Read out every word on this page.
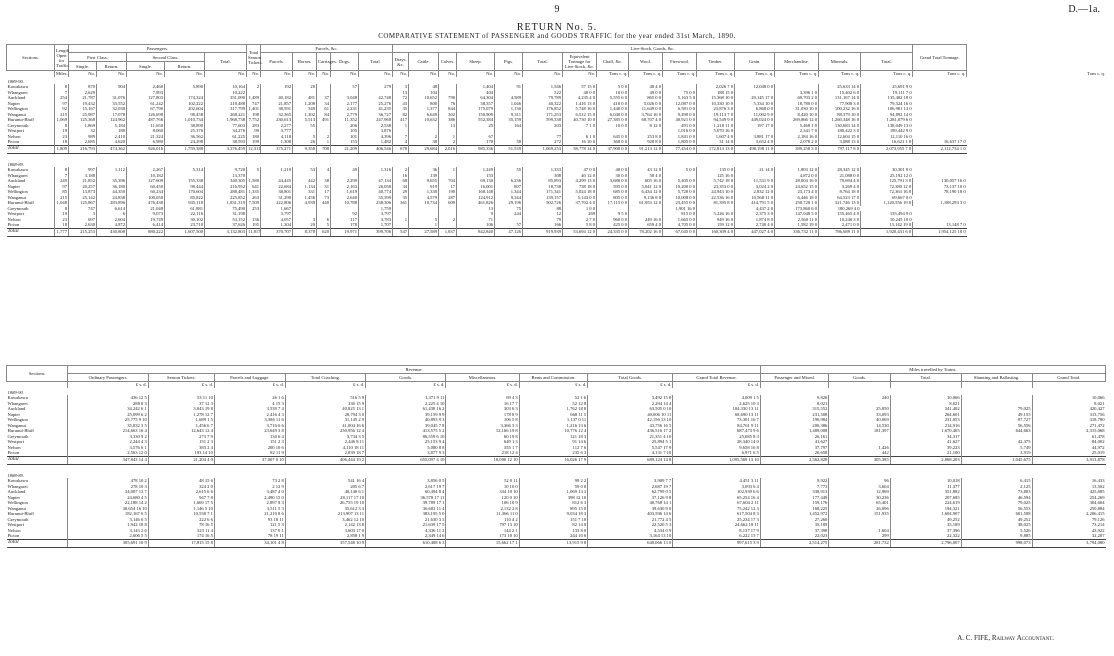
9	D.—1a.
RETURN No. 5.
COMPARATIVE STATEMENT of PASSENGER and GOODS TRAFFIC for the year ended 31st March, 1890.
Sections.	Length Open for Traffic.	Passengers.					Total Season Tickets.	Parcels, &c.					Live-Stock, Goods, &c.															Grand Total Tonnage.	
		First Class.		Second Class.		Total.		Parcels.	Horses.	Carriages.	Dogs.	Total.	Drays, &c.	Cattle.	Calves.	Sheep.	Pigs.	Total.	Equivalent Tonnage for Live-Stock, &c.	Chaff, &c.	Wool.	Firewood.	Timber.	Grain.	Merchandise.	Minerals.	Total.		
		Single.	Return.	Single.	Return.																								
	Miles.	No.	No.	No.	No.	No.	No.	No.	No.	No.	No.	No.	No.	No.	No.	No.	No.	No.	No.	Tons c. q.	Tons c. q.	Tons c. q.	Tons c. q.	Tons c. q.	Tons c. q.	Tons c. q.	Tons c. q.	Tons c. q.	Tons c. q.
1889-90.																													
Kawakawa	8	870	904	2,460	5,890	10,164	2	192	20		57	279	3	48		1,404	91	1,546	57 15 0	5 0 0	48 4 0		2,026 7 0	12,048 0 0		25,633 14 0	25,691 9 0		
Whangarei	7	2,629		7,893		10,222							13	104		404		522	40 0 0	10 0 0	49 0 0	75 0 0	188 15 0		3,396 1 0	15,402 6 0	19,111 7 0		
Auckland	254	21,787	31,076	127,803	174,324	351,090	1,489	40,182	481	37	3,048	42,748	72	10,652	790	64,304	4,589	79,789	4,235 4 0	5,555 6 0	865 0 0	5,163 5 0	15,368 10 0	29,145 17 0	69,703 2 0	131,167 14 0	135,402 18 0		
Napier	97	19,432	33,552	61,242	102,222	218,488	747	21,857	1,208	34	2,177	25,276	43	800	76	38,357	1,046	40,322	1,416 13 0	410 0 0	5,026 0 0	12,087 0 0	10,330 10 0	5,334 10 0	18,780 0 0	77,908 3 0	79,324 16 0		
Wellington	92	15,167	32,038	67,790	202,604	317,799	1,401	38,591	349	61	2,231	41,235	35	1,377	844	175,079	1,130	176,852	5,748 16 0	1,440 0 0	11,649 0 0	6,581 0 0	23,876 3 0	6,868 0 0	31,030 10 0	100,232 16 0	106,981 13 0		
Wanganui	215	25,987	17,078	126,698	98,458	268,221	198	32,365	1,302	84	2,779	36,727	82	6,649	302	150,909	9,311	171,253	6,512 15 0	6,040 0 0	3,764 16 0	9,490 0 0	19,113 7 0	11,002 9 0	8,420 10 0	88,379 10 0	94,892 14 0		
Hurunui-Bluff	1,069	125,368	124,962	487,766	1,010,734	1,968,738	7,752	230,613	5,513	491	11,352	247,968	417	10,632	386	552,384	35,159	599,338	40,730 10 0	27,385 0 0	68,707 4 0	40,921 0 0	94,549 9 0	449,024 0 0	269,866 12 0	1,260,348 16 0	1,281,079 6 0		
Greymouth	8	1,869	5,184	11,650	38,890	77,603	283	2,277	55		206	2,538	1		13	25	164	203	7 1 0	10 0 0	8 12 0	491 0 0	1,218 11 0	197 17 0	5,468 1 0	130,683 14 0	138,049 13 0		
Westport	19	32	188	8,060	25,376	34,276	99	3,777			105	3,876										1,016 0 0	5,070 16 0		2,341 7 0	180,422 3 0	189,442 9 0		
Nelson	23	989	2,410	21,324	36,562	61,225	180	4,118	5	2	101	4,396	7	2	1	67		77	6 1 0	645 0 0	253 8 0	1,841 0 0	1,607 4 0	3,881 17 0	2,184 16 0	12,604 15 0	12,110 16 0		
Picton	18	2,685	4,620	6,980	24,298	38,593	199	1,308	26	1	153	1,482	4	38	2	170	58	272	16 10 0	360 0 0	928 8 0	1,805 0 0	31 14 0	3,652 4 0	2,078 2 0	3,088 13 0	16,621 1 0	16,637 17 0	
Total	1,809	216,793	474,362	926,016	1,759,388	3,376,459	12,311	375,271	9,358	708	21,209	406,546	678	29,684	2,016	985,336	51,539	1,069,253	58,778 14 0	37,900 0 0	91,213 12 0	77,454 0 0	172,813 13 0	498,198 11 0	399,258 3 0	797,117 8 0	2,073,955 7 0	2,112,734 1 0	

1888-89.																													
Kawakawa	8	997	1,112	2,267	5,314	9,720	5	1,210	53	4	49	1,316	2	36	1	1,249	55	1,333	47 0 0	40 0 0	43 12 0	5 0 0	135 0 0	21 14 0	1,803 12 0	28,345 12 0	30,301 9 0		
Whangarei	7	3,188		10,182		13,370							16	139		153		308	40 12 0	30 0 0	58 4 0		125 16 0		4,872 0 0	21,088 0 0	25,192 12 0		
Auckland	249	21,852	35,396	127,609	155,338	340,305	1,580	44,445	442	38	2,299	47,134	68	9,655	704	69,130	6,236	85,893	4,299 13 0	3,680 0 0	605 16 0	5,405 0 0	5,742 18 0	11,531 9 0	28,004 16 0	70,694 4 0	125,791 3 0	130,057 16 0	
Napier	97	20,257	36,180	60,450	98,444	216,952	641	22,684	1,134	31	2,163	26,058	34	919	17	16,001	807	18,738	738 18 0	595 0 0	5,041 12 0	10,200 0 0	23,353 0 0	3,024 2 0	24,652 15 0	3,269 4 0	72,380 12 0	73,137 10 0	
Wellington	85	13,873	44,350	60,234	170,604	288,481	1,335	38,801	331	17	1,619	40,774	29	1,330	190	168,148	1,344	171,341	5,024 18 0	685 0 0	6,434 12 0	5,720 0 0	24,943 10 0	2,832 12 0	23,173 4 0	8,764 18 0	72,363 16 0	78,190 18 0	
Wanganui	215	25,142	24,838	100,050	85,822	225,852	263	31,290	1,456	73	2,640	35,399	35	4,579	287	124,912	9,344	139,157	5,143 0 0	805 0 0	9,136 8 0	10,008 0 0	22,536 16 0	10,568 11 0	6,446 18 0	64,523 17 0	69,667 0 0		
Hurunui-Bluff	1,048	125,867	283,896	476,438	945,118	1,831,319	7,509	222,806	4,939	440	10,788	238,306	361	10,734	609	461,826	29,196	502,726	37,702 4 0	17,115 0 0	61,053 12 0	23,455 0 0	81,395 8 0	414,791 5 0	250,720 1 0	321,746 13 0	1,120,556 19 0	1,188,293 3 0	
Greymouth	8	747	6,614	21,048	61,881	75,490	253	1,667				1,759				13	75	88	1 0 0			1,901 16 0		4,437 2 0	173,860 6 0	180,269 4 0			
Westport	19	3	6	9,073	22,116	31,198		3,797			92	3,797				9	244	12	269	9 5 0		815 0 0	5,226 16 0	2,375 3 0	147,048 5 0	155,465 4 0	155,494 9 0		
Nelson	23	697	2,604	19,749	30,102	53,152	136	4,057	3	6	117	3,783	1	5	2	71		79	2 7 0	960 0 0	249 16 0	1,665 0 0	949 16 0	1,874 8 0	2,560 11 0	10,240 3 0	10,245 10 0		
Picton	18	2,630	4,872	6,414	23,710	37,626	195	1,304	20	5	178	1,707		1		106	57	166	5 8 0	425 0 0	659 4 0	4,705 0 0	159 12 0	2,740 4 0	1,582 19 0	2,471 0 0	13,142 19 0	13,148 7 0	
Total	1,777	215,253	430,808	880,222	1,607,500	3,132,803	11,817	370,707	8,378	620	19,971	399,706	547	27,589	1,837	842,840	47,126	919,939	53,694 12 0	24,335 0 0	78,202 16 0	67,045 0 0	160,309 4 0	447,027 4 0	336,732 11 0	786,689 11 0	1,920,431 6 0	1,954,125 18 0	
Sections.	Revenue.									Miles travelled by Trains.				
	Ordinary Passengers.	Season Tickets.	Parcels and Luggage.	Total Coaching.	Goods.	Miscellaneous.	Rents and Commission.	Total Goods.	Grand Total Revenue.	Passenger and Mixed.	Goods.	Total.	Shunting and Ballasting.	Grand Total.
	£ s. d.	£ s. d.	£ s. d.	£ s. d.	£ s. d.	£ s. d.	£ s. d.	£ s. d.	£ s. d.					
1889-90.														
Kawakawa	436 12 5	53 11 10	26 1 6	516 5 9	3,371 9 11	69 4 3	52 1 6	3,492 15 8	4,009 1 5	9,826	240	10,066		10,066
Whangarei	288 8 3	37 12 3	4 15 3	330 15 9	2,225 4 10	16 17 7	52 12 8	2,294 14 4	2,625 10 3	8,021		8,021		8,021
Auckland	34,242 6 1	3,043 19 8	3,539 7 4	40,825 13 1	61,438 16 2	303 6 3	1,762 18 8	63,505 0 10	104,330 13 11	315,552	25,850	341,402	79,025	420,427
Napier	25,099 6 2	1,278 12 7	2,416 4 3	28,794 3 0	39,159 9 9	178 8 9	668 11 5	40,006 10 11	68,690 13 11	231,508	33,093	264,601	49,155	313,756
Wellington	25,775 9 10	1,689 1 5	3,386 11 6	31,145 2 9	40,893 9 3	106 5 8	1,137 0 11	42,156 13 10	73,301 16 7	190,984	40,069	231,053	87,727	318,780
Wanganui	35,832 3 5	1,456 6 7	3,716 6 6	41,004 16 6	39,045 7 8	3,366 3 3	1,216 13 6	43,756 16 5	84,761 9 11	200,386	14,530	214,916	56,556	271,472
Hurunui-Bluff	214,663 16 4	12,643 12 4	23,649 3 8	250,956 12 4	413,575 5 2	12,166 19 8	10,776 12 4	436,516 17 2	687,473 9 6	1,489,008	181,397	1,670,405	644,663	2,315,068
Greymouth	3,330 9 2	273 7 9	130 6 4	3,734 3 5	86,559 6 10	60 19 8	121 18 3	21,351 4 10	25,085 8 3	26,161		34,317		61,478
Westport	2,244 4 3	151 2 3	151 2 3	2,446 8 11	25,153 9 4	649 1 3	91 14 6	25,894 5 1	28,340 14 0	41,627		41,627	42,375	84,002
Nelson	3,576 6 1	383 2 4	200 10 6	4,110 18 11	5,080 8 8	355 1 7	112 7 6	5,547 17 9	9,658 16 8	37,797	1,426	39,223	5,749	44,972
Picton	2,563 12 0	193 14 10	82 11 9	2,839 18 7	3,877 9 3	218 12 4	235 6 3	4,131 7 10	6,971 6 5	20,658	442	21,100	3,919	25,019
Total	347,843 14 4	21,204 4 0	37,007 0 10	406,444 19 2	655,097 4 10	18,090 12 10	16,026 17 9	689,124 14 8	1,095,569 13 10	2,562,828	305,385	2,868,203	1,045,675	3,913,878

1888-89.														
Kawakawa	478 10 2	48 15 6	73 2 8	541 16 4	3,856 0 5	52 0 11	99 2 2	3,909 7 7	4,451 3 11	9,922	96	10,018	6,415	16,433
Whangarei	278 10 3	324 2 0	2 12 9	205 6 7	2,617 19 7	10 10 0	59 0 0	2,687 19 7	3,093 6 4	7,773	3,604	11,377	2,125	13,502
Auckland	34,007 13 7	2,615 6 6	3,487 4 0	40,140 6 1	60,494 8 4	334 18 10	1,069 13 3	62,799 0 5	102,939 6 6	338,913	12,969	351,882	73,803	425,685
Napier	24,680 4 5	947 7 8	2,490 15 0	28,117 17 10	36,578 17 11	120 0 10	398 12 10	37,126 9 8	65,254 16 4	177,449	30,236	207,685	46,594	254,269
Wellington	22,188 14 2	1,669 17 5	2,897 8 3	26,755 19 10	39,789 17 1	106 10 9	812 6 3	40,768 14 1	67,604 2 11	159,176	65,401	224,619	79,025	304,604
Wanganui	30,654 16 10	1,146 5 10	3,511 5 3	35,612 3 3	36,602 11 4	2,132 2 8	895 15 0	39,630 9 0	75,242 12 3	168,225	26,096	194,321	56,553	250,884
Hurunui-Bluff	182,167 6 5	10,530 7 1	21,210 8 6	213,907 13 11	383,195 5 0	11,366 11 0	9,034 18 3	403,596 14 6	617,504 8 3	1,452,972	151,935	1,604,907	601,508	2,206,415
Greymouth	3,146 6 5	222 6 6	93 18 11	3,462 12 10	21,630 3 3	110 4 2	151 7 10	21,772 4 5	25,234 17 3	27,260		49,252	49,252	79,126
Westport	1,942 18 8	78 16 5	121 5 3	2,142 13 8	21,639 17 5	797 13 10	82 14 0	22,520 5 3	24,662 18 11	35,189		35,189	38,025	73,214
Nelson	3,143 2 6	323 11 4	137 0 1	3,603 17 0	4,336 11 2	144 2 1	133 8 0	4,534 0 9	8,137 17 9	37,398	1,604	37,396	5,526	43,922
Picton	2,606 5 5	174 16 5	78 19 11	2,858 1 9	2,349 14 6	173 18 10	244 10 6	3,164 13 10	6,222 15 7	22,023	299	22,322	9,885	32,207
Total	305,691 10 9	17,815 15 8	34,101 4 8	357,548 10 9	610,488 6 3	15,662 17 1	13,915 9 8	640,066 13 0	997,615 3 9	2,514,275	281,732	2,796,007	998,073	3,794,080
A. C. FIFE, Railway Accountant.
